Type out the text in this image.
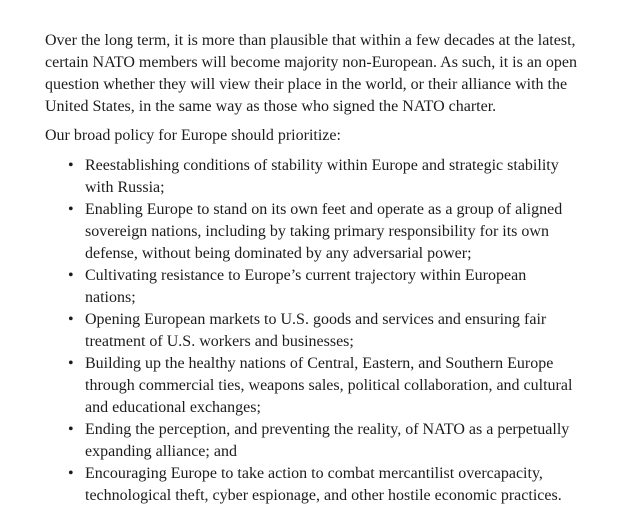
Over the long term, it is more than plausible that within a few decades at the latest,
certain NATO members will become majority non-European. As such, it is an open
question whether they will view their place in the world, or their alliance with the
United States, in the same way as those who signed the NATO charter.

Our broad policy for Europe should prioritize:

• Reestablishing conditions of stability within Europe and strategic stability
with Russia;
• Enabling Europe to stand on its own feet and operate as a group of aligned
sovereign nations, including by taking primary responsibility for its own
defense, without being dominated by any adversarial power;
• Cultivating resistance to Europe’s current trajectory within European
nations;
• Opening European markets to U.S. goods and services and ensuring fair
treatment of U.S. workers and businesses;
• Building up the healthy nations of Central, Eastern, and Southern Europe
through commercial ties, weapons sales, political collaboration, and cultural
and educational exchanges;
• Ending the perception, and preventing the reality, of NATO as a perpetually
expanding alliance; and
• Encouraging Europe to take action to combat mercantilist overcapacity,
technological theft, cyber espionage, and other hostile economic practices.
